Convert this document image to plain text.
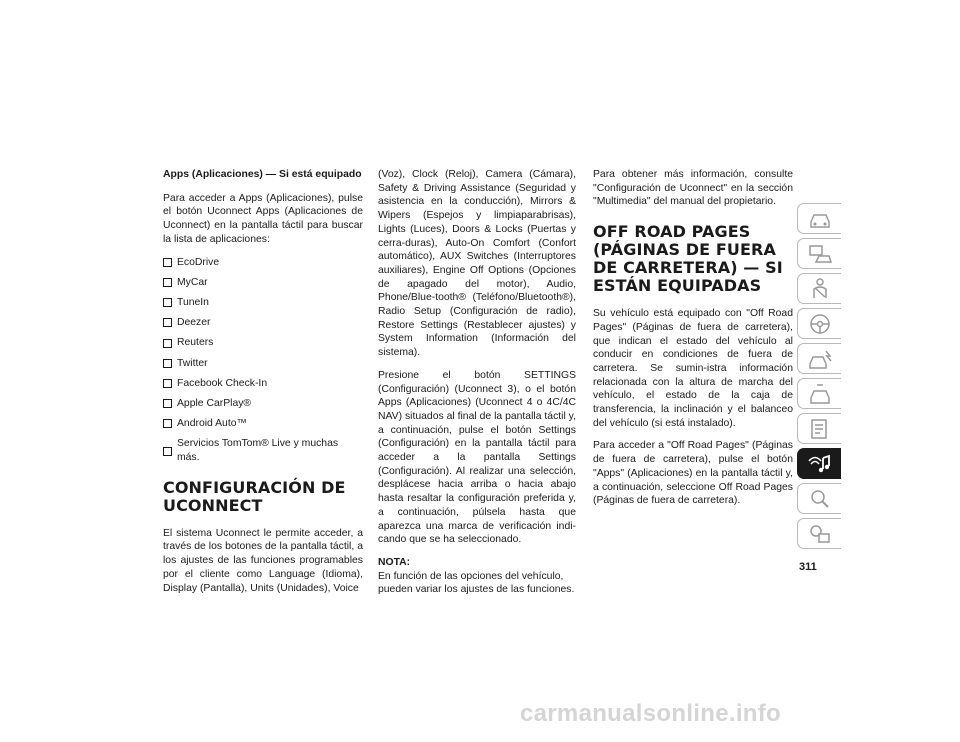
Apps (Aplicaciones) — Si está equipado

Para acceder a Apps (Aplicaciones), pulse el botón Uconnect Apps (Aplicaciones de Uconnect) en la pantalla táctil para buscar la lista de aplicaciones:

EcoDrive
MyCar
TuneIn
Deezer
Reuters
Twitter
Facebook Check-In
Apple CarPlay®
Android Auto™
Servicios TomTom® Live y muchas más.
CONFIGURACIÓN DE UCONNECT

El sistema Uconnect le permite acceder, a través de los botones de la pantalla táctil, a los ajustes de las funciones programables por el cliente como Language (Idioma), Display (Pantalla), Units (Unidades), Voice

(Voz), Clock (Reloj), Camera (Cámara), Safety & Driving Assistance (Seguridad y asistencia en la conducción), Mirrors & Wipers (Espejos y limpiaparabrisas), Lights (Luces), Doors & Locks (Puertas y cerra-duras), Auto-On Comfort (Confort automático), AUX Switches (Interruptores auxiliares), Engine Off Options (Opciones de apagado del motor), Audio, Phone/Blue-tooth® (Teléfono/Bluetooth®), Radio Setup (Configuración de radio), Restore Settings (Restablecer ajustes) y System Information (Información del sistema).

Presione el botón SETTINGS (Configuración) (Uconnect 3), o el botón Apps (Aplicaciones) (Uconnect 4 o 4C/4C NAV) situados al final de la pantalla táctil y, a continuación, pulse el botón Settings (Configuración) en la pantalla táctil para acceder a la pantalla Settings (Configuración). Al realizar una selección, desplácese hacia arriba o hacia abajo hasta resaltar la configuración preferida y, a continuación, púlsela hasta que aparezca una marca de verificación indi-cando que se ha seleccionado.

NOTA:

En función de las opciones del vehículo, pueden variar los ajustes de las funciones.

Para obtener más información, consulte "Configuración de Uconnect" en la sección "Multimedia" del manual del propietario.

OFF ROAD PAGES (PÁGINAS DE FUERA DE CARRETERA) — SI ESTÁN EQUIPADAS

Su vehículo está equipado con "Off Road Pages" (Páginas de fuera de carretera), que indican el estado del vehículo al conducir en condiciones de fuera de carretera. Se sumin-istra información relacionada con la altura de marcha del vehículo, el estado de la caja de transferencia, la inclinación y el balanceo del vehículo (si está instalado).

Para acceder a "Off Road Pages" (Páginas de fuera de carretera), pulse el botón "Apps" (Aplicaciones) en la pantalla táctil y, a continuación, seleccione Off Road Pages (Páginas de fuera de carretera).

311
carmanualsonline.info
